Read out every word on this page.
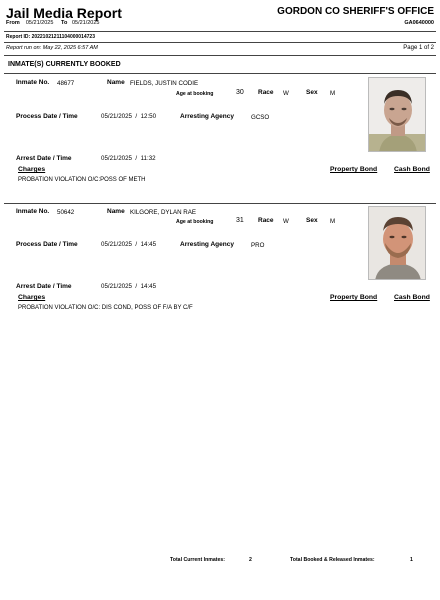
Jail Media Report	GORDON CO SHERIFF'S OFFICE
GA0640000
From 05/21/2025 To 05/21/2025
Report ID: 20221021211104000014723
Report run on: May 22, 2025 6:57 AM	Page 1 of 2
INMATE(S) CURRENTLY BOOKED
Inmate No. 48677	Name FIELDS, JUSTIN CODIE
Age at booking	30 Race W	Sex M
Process Date / Time	05/21/2025  /  12:50	Arresting Agency	GCSO
Arrest Date / Time	05/21/2025  /  11:32
Charges	Property Bond Cash Bond
PROBATION VIOLATION O/C:POSS OF METH
Inmate No. 50642	Name KILGORE, DYLAN RAE
Age at booking	31 Race W	Sex M
Process Date / Time	05/21/2025  /  14:45	Arresting Agency	PRO
Arrest Date / Time	05/21/2025  /  14:45
Charges	Property Bond Cash Bond
PROBATION VIOLATION O/C: DIS COND, POSS OF F/A BY C/F
Total Current Inmates:	2	Total Booked & Released Inmates:	1
